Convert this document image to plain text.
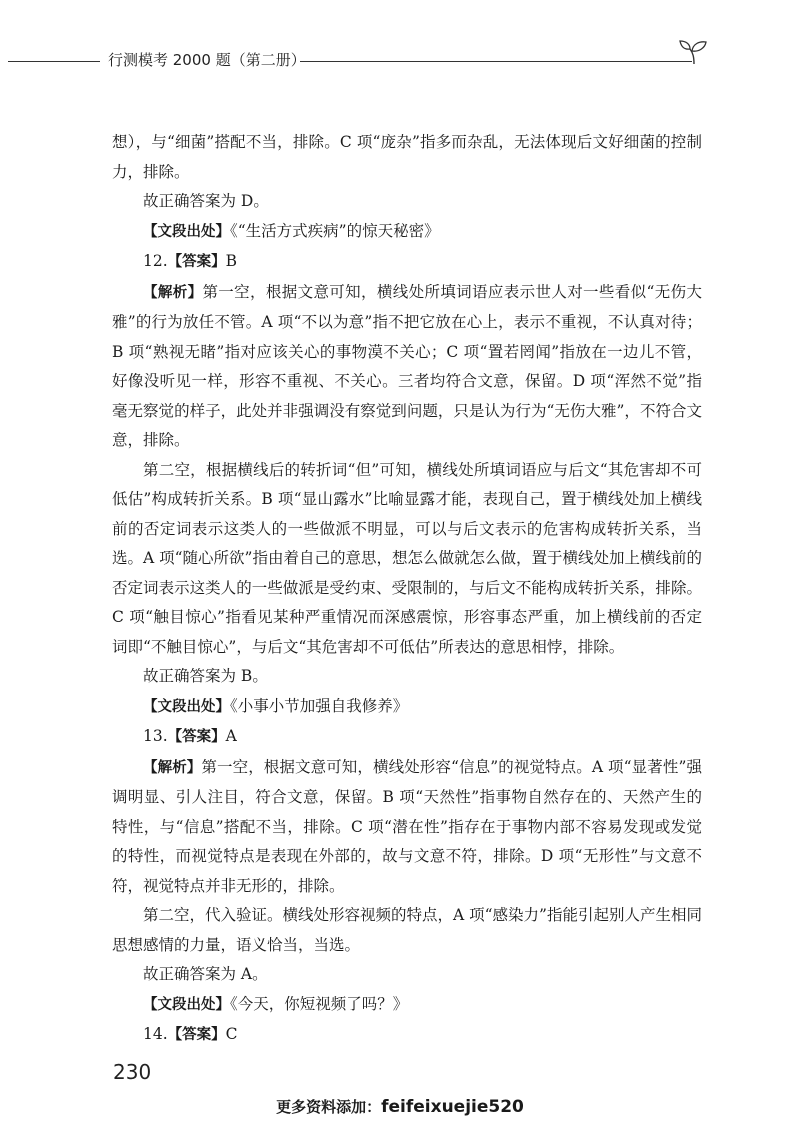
行测模考 2000 题（第二册）

想），与“细菌”搭配不当，排除。C 项“庞杂”指多而杂乱，无法体现后文好细菌的控制力，排除。

故正确答案为 D。

【文段出处】《“生活方式疾病”的惊天秘密》

12.【答案】B

【解析】第一空，根据文意可知，横线处所填词语应表示世人对一些看似“无伤大雅”的行为放任不管。A 项“不以为意”指不把它放在心上，表示不重视，不认真对待；B 项“熟视无睹”指对应该关心的事物漠不关心；C 项“置若罔闻”指放在一边儿不管，好像没听见一样，形容不重视、不关心。三者均符合文意，保留。D 项“浑然不觉”指毫无察觉的样子，此处并非强调没有察觉到问题，只是认为行为“无伤大雅”，不符合文意，排除。

第二空，根据横线后的转折词“但”可知，横线处所填词语应与后文“其危害却不可低估”构成转折关系。B 项“显山露水”比喻显露才能，表现自己，置于横线处加上横线前的否定词表示这类人的一些做派不明显，可以与后文表示的危害构成转折关系，当选。A 项“随心所欲”指由着自己的意思，想怎么做就怎么做，置于横线处加上横线前的否定词表示这类人的一些做派是受约束、受限制的，与后文不能构成转折关系，排除。C 项“触目惊心”指看见某种严重情况而深感震惊，形容事态严重，加上横线前的否定词即“不触目惊心”，与后文“其危害却不可低估”所表达的意思相悖，排除。

故正确答案为 B。

【文段出处】《小事小节加强自我修养》

13.【答案】A

【解析】第一空，根据文意可知，横线处形容“信息”的视觉特点。A 项“显著性”强调明显、引人注目，符合文意，保留。B 项“天然性”指事物自然存在的、天然产生的特性，与“信息”搭配不当，排除。C 项“潜在性”指存在于事物内部不容易发现或发觉的特性，而视觉特点是表现在外部的，故与文意不符，排除。D 项“无形性”与文意不符，视觉特点并非无形的，排除。

第二空，代入验证。横线处形容视频的特点，A 项“感染力”指能引起别人产生相同思想感情的力量，语义恰当，当选。

故正确答案为 A。

【文段出处】《今天，你短视频了吗？》

14.【答案】C

230
更多资料添加：feifeixuejie520
